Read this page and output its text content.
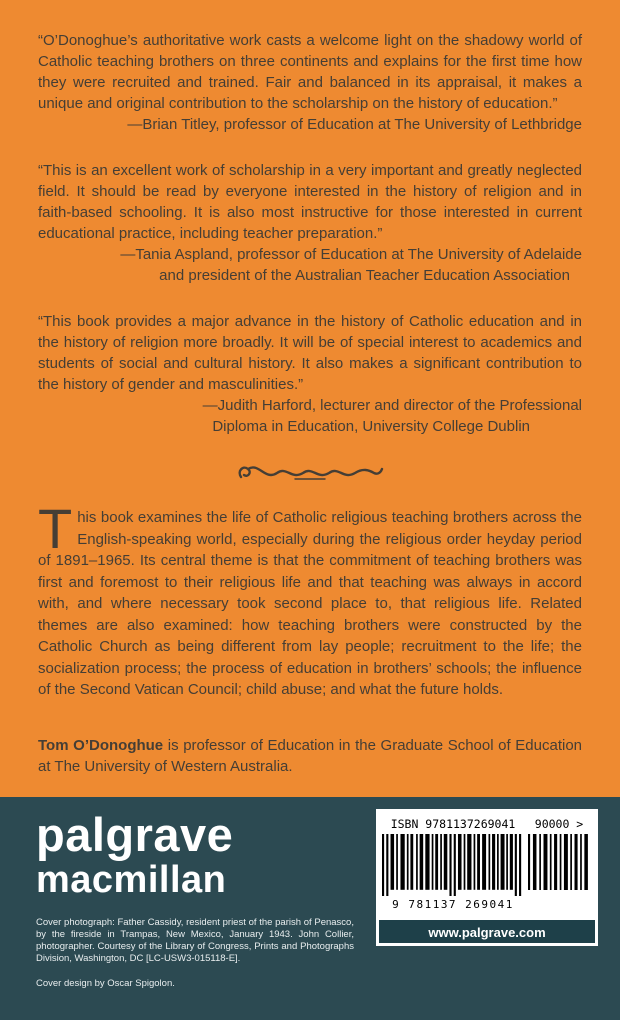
“O’Donoghue’s authoritative work casts a welcome light on the shadowy world of Catholic teaching brothers on three continents and explains for the first time how they were recruited and trained. Fair and balanced in its appraisal, it makes a unique and original contribution to the scholarship on the history of education.”
—Brian Titley, professor of Education at The University of Lethbridge
“This is an excellent work of scholarship in a very important and greatly neglected field. It should be read by everyone interested in the history of religion and in faith-based schooling. It is also most instructive for those interested in current educational practice, including teacher preparation.”
—Tania Aspland, professor of Education at The University of Adelaide
and president of the Australian Teacher Education Association
“This book provides a major advance in the history of Catholic education and in the history of religion more broadly. It will be of special interest to academics and students of social and cultural history. It also makes a significant contribution to the history of gender and masculinities.”
—Judith Harford, lecturer and director of the Professional
Diploma in Education, University College Dublin
This book examines the life of Catholic religious teaching brothers across the English-speaking world, especially during the religious order heyday period of 1891–1965. Its central theme is that the commitment of teaching brothers was first and foremost to their religious life and that teaching was always in accord with, and where necessary took second place to, that religious life. Related themes are also examined: how teaching brothers were constructed by the Catholic Church as being different from lay people; recruitment to the life; the socialization process; the process of education in brothers’ schools; the influence of the Second Vatican Council; child abuse; and what the future holds.
Tom O’Donoghue is professor of Education in the Graduate School of Education at The University of Western Australia.
palgrave
macmillan
Cover photograph: Father Cassidy, resident priest of the parish of Penasco, by the fireside in Trampas, New Mexico, January 1943. John Collier, photographer. Courtesy of the Library of Congress, Prints and Photographs Division, Washington, DC [LC-USW3-015118-E].
Cover design by Oscar Spigolon.
ISBN 9781137269041
9 781137 269041
90000 >
www.palgrave.com
